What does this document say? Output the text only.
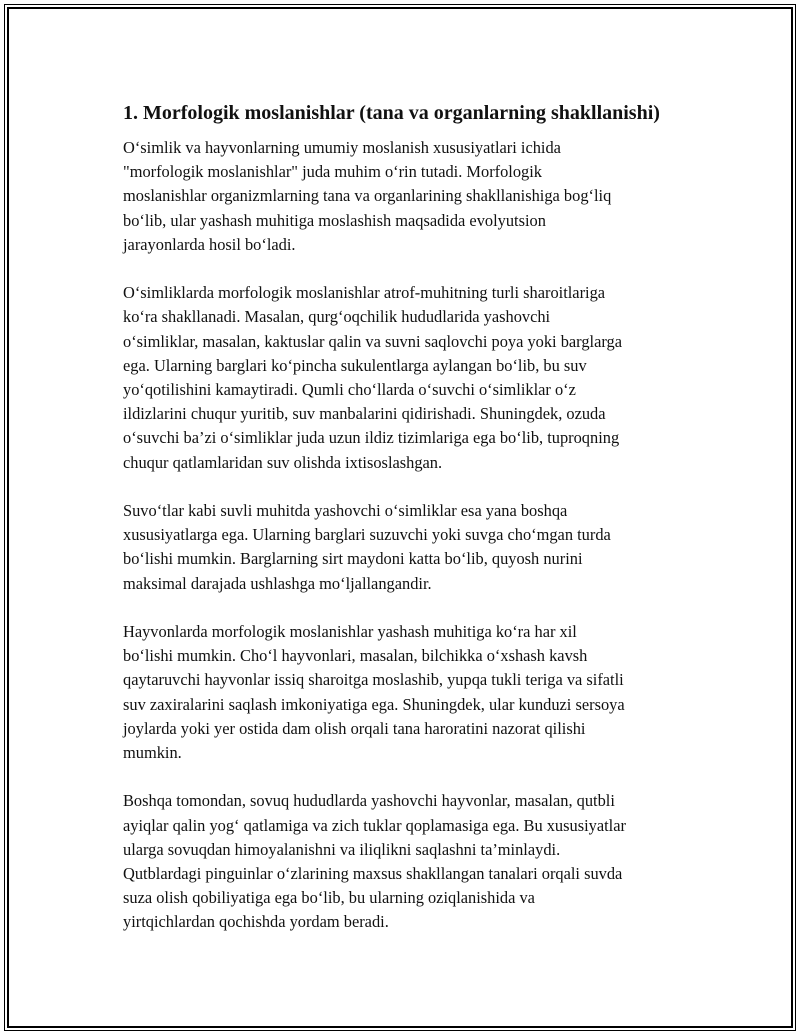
1. Morfologik moslanishlar (tana va organlarning shakllanishi)

O‘simlik va hayvonlarning umumiy moslanish xususiyatlari ichida
"morfologik moslanishlar" juda muhim o‘rin tutadi. Morfologik
moslanishlar organizmlarning tana va organlarining shakllanishiga bog‘liq
bo‘lib, ular yashash muhitiga moslashish maqsadida evolyutsion
jarayonlarda hosil bo‘ladi.

O‘simliklarda morfologik moslanishlar atrof-muhitning turli sharoitlariga
ko‘ra shakllanadi. Masalan, qurg‘oqchilik hududlarida yashovchi
o‘simliklar, masalan, kaktuslar qalin va suvni saqlovchi poya yoki barglarga
ega. Ularning barglari ko‘pincha sukulentlarga aylangan bo‘lib, bu suv
yo‘qotilishini kamaytiradi. Qumli cho‘llarda o‘suvchi o‘simliklar o‘z
ildizlarini chuqur yuritib, suv manbalarini qidirishadi. Shuningdek, ozuda
o‘suvchi ba’zi o‘simliklar juda uzun ildiz tizimlariga ega bo‘lib, tuproqning
chuqur qatlamlaridan suv olishda ixtisoslashgan.

Suvo‘tlar kabi suvli muhitda yashovchi o‘simliklar esa yana boshqa
xususiyatlarga ega. Ularning barglari suzuvchi yoki suvga cho‘mgan turda
bo‘lishi mumkin. Barglarning sirt maydoni katta bo‘lib, quyosh nurini
maksimal darajada ushlashga mo‘ljallangandir.

Hayvonlarda morfologik moslanishlar yashash muhitiga ko‘ra har xil
bo‘lishi mumkin. Cho‘l hayvonlari, masalan, bilchikka o‘xshash kavsh
qaytaruvchi hayvonlar issiq sharoitga moslashib, yupqa tukli teriga va sifatli
suv zaxiralarini saqlash imkoniyatiga ega. Shuningdek, ular kunduzi sersoya
joylarda yoki yer ostida dam olish orqali tana haroratini nazorat qilishi
mumkin.

Boshqa tomondan, sovuq hududlarda yashovchi hayvonlar, masalan, qutbli
ayiqlar qalin yog‘ qatlamiga va zich tuklar qoplamasiga ega. Bu xususiyatlar
ularga sovuqdan himoyalanishni va iliqlikni saqlashni ta’minlaydi.
Qutblardagi pinguinlar o‘zlarining maxsus shakllangan tanalari orqali suvda
suza olish qobiliyatiga ega bo‘lib, bu ularning oziqlanishida va
yirtqichlardan qochishda yordam beradi.
